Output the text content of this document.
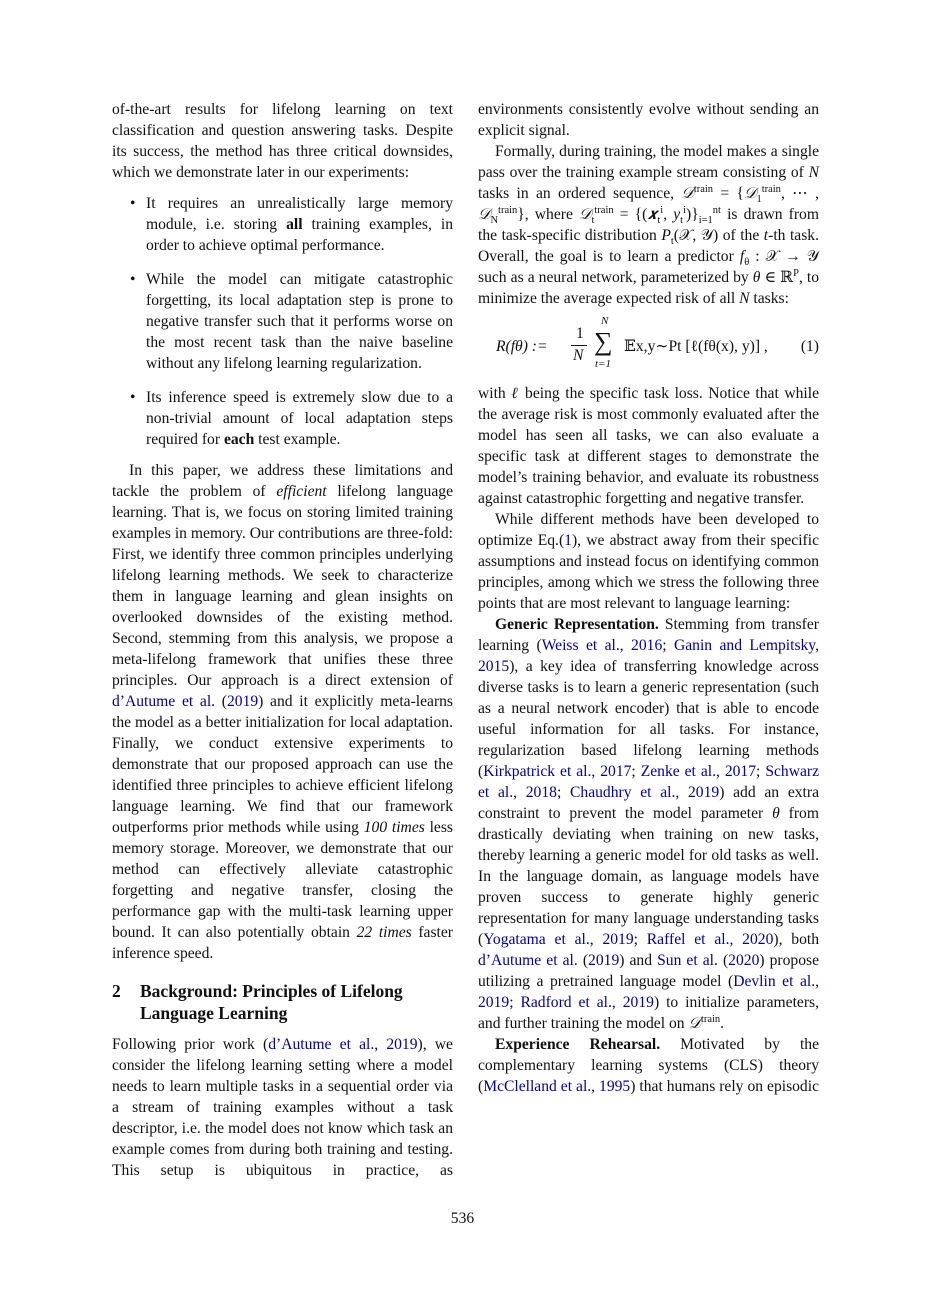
of-the-art results for lifelong learning on text classification and question answering tasks. Despite its success, the method has three critical downsides, which we demonstrate later in our experiments:

• It requires an unrealistically large memory module, i.e. storing all training examples, in order to achieve optimal performance.
• While the model can mitigate catastrophic forgetting, its local adaptation step is prone to negative transfer such that it performs worse on the most recent task than the naive baseline without any lifelong learning regularization.
• Its inference speed is extremely slow due to a non-trivial amount of local adaptation steps required for each test example.

In this paper, we address these limitations and tackle the problem of efficient lifelong language learning. That is, we focus on storing limited training examples in memory. Our contributions are three-fold: First, we identify three common principles underlying lifelong learning methods. We seek to characterize them in language learning and glean insights on overlooked downsides of the existing method. Second, stemming from this analysis, we propose a meta-lifelong framework that unifies these three principles. Our approach is a direct extension of d’Autume et al. (2019) and it explicitly meta-learns the model as a better initialization for local adaptation. Finally, we conduct extensive experiments to demonstrate that our proposed approach can use the identified three principles to achieve efficient lifelong language learning. We find that our framework outperforms prior methods while using 100 times less memory storage. Moreover, we demonstrate that our method can effectively alleviate catastrophic forgetting and negative transfer, closing the performance gap with the multi-task learning upper bound. It can also potentially obtain 22 times faster inference speed.

2	Background: Principles of Lifelong Language Learning

Following prior work (d’Autume et al., 2019), we consider the lifelong learning setting where a model needs to learn multiple tasks in a sequential order via a stream of training examples without a task descriptor, i.e. the model does not know which task an example comes from during both training and testing. This setup is ubiquitous in practice, as

environments consistently evolve without sending an explicit signal.

Formally, during training, the model makes a single pass over the training example stream consisting of N tasks in an ordered sequence, 𝒟$^{train}$ = {𝒟$_1^{train}$, ⋯ , 𝒟$_N^{train}$}, where 𝒟$_t^{train}$ = {(𝒙$_t^i$, $y_t^i)\}_{i=1}^{nt}$ is drawn from the task-specific distribution $P_t(𝒳$, 𝒴) of the t-th task. Overall, the goal is to learn a predictor $f_\theta$ : 𝒳 → 𝒴 such as a neural network, parameterized by θ ∈ ℝ$^P$, to minimize the average expected risk of all N tasks:

R(fθ) :=
1
N
N
∑
t=1
𝔼x,y∼Pt [ℓ(fθ(x), y)] , (1)

with ℓ being the specific task loss. Notice that while the average risk is most commonly evaluated after the model has seen all tasks, we can also evaluate a specific task at different stages to demonstrate the model’s training behavior, and evaluate its robustness against catastrophic forgetting and negative transfer.

While different methods have been developed to optimize Eq.(1), we abstract away from their specific assumptions and instead focus on identifying common principles, among which we stress the following three points that are most relevant to language learning:

Generic Representation. Stemming from transfer learning (Weiss et al., 2016; Ganin and Lempitsky, 2015), a key idea of transferring knowledge across diverse tasks is to learn a generic representation (such as a neural network encoder) that is able to encode useful information for all tasks. For instance, regularization based lifelong learning methods (Kirkpatrick et al., 2017; Zenke et al., 2017; Schwarz et al., 2018; Chaudhry et al., 2019) add an extra constraint to prevent the model parameter θ from drastically deviating when training on new tasks, thereby learning a generic model for old tasks as well. In the language domain, as language models have proven success to generate highly generic representation for many language understanding tasks (Yogatama et al., 2019; Raffel et al., 2020), both d’Autume et al. (2019) and Sun et al. (2020) propose utilizing a pretrained language model (Devlin et al., 2019; Radford et al., 2019) to initialize parameters, and further training the model on 𝒟$^{train}$.

Experience Rehearsal. Motivated by the complementary learning systems (CLS) theory (McClelland et al., 1995) that humans rely on episodic

536
